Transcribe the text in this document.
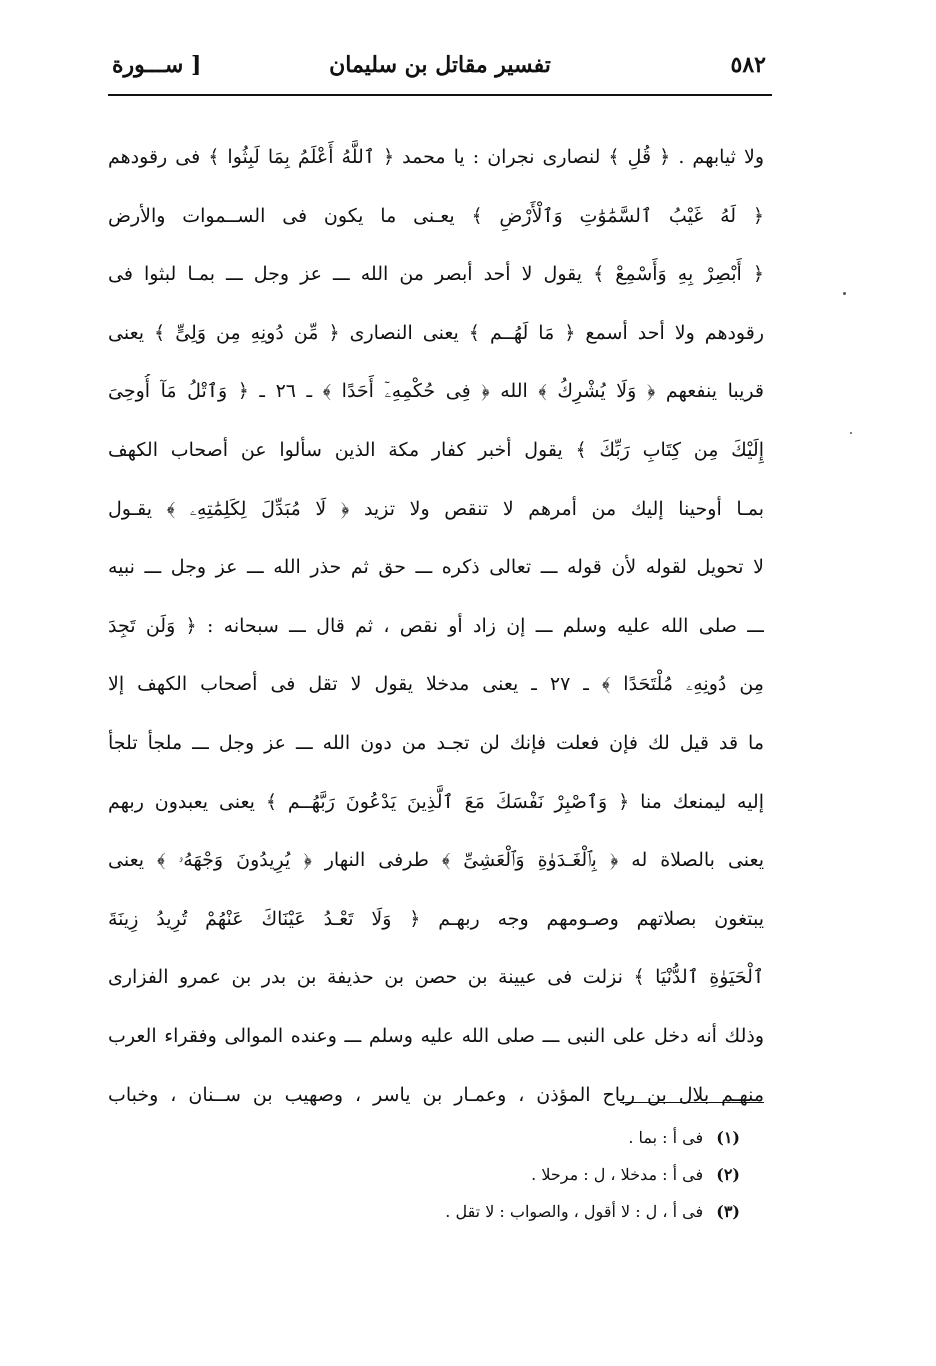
٥٨٢
تفسير مقاتل بن سليمان
[ ســـورة
ولا ثيابهم . ﴿ قُلِ ﴾ لنصارى نجران : يا محمد ﴿ ٱللَّهُ أَعْلَمُ بِمَا لَبِثُوا ﴾ فى رقودهم
﴿ لَهُ غَيْبُ ٱلسَّمَٰوَٰتِ وَٱلْأَرْضِ ﴾ يعـنى ما يكون فى الســموات والأرض
﴿ أَبْصِرْ بِهِ وَأَسْمِعْ ﴾ يقول لا أحد أبصر من الله ـــ عز وجل ـــ بمـا لبثوا فى
رقودهم ولا أحد أسمع ﴿ مَا لَهُــم ﴾ يعنى النصارى ﴿ مِّن دُونِهِ مِن وَلِىٍّ ﴾ يعنى
قريبا ينفعهم ﴿ وَلَا يُشْرِكُ ﴾ الله ﴿ فِى حُكْمِهِۦٓ أَحَدًا ﴾ ـ ٢٦ ـ ﴿ وَٱتْلُ مَآ أُوحِىَ
إِلَيْكَ مِن كِتَابِ رَبِّكَ ﴾ يقول أخبر كفار مكة الذين سألوا عن أصحاب الكهف
بمـا أوحينا إليك من أمرهم لا تنقص ولا تزيد ﴿ لَا مُبَدِّلَ لِكَلِمَٰتِهِۦ ﴾ يقـول
لا تحويل لقوله لأن قوله ـــ تعالى ذكره ـــ حق ثم حذر الله ـــ عز وجل ـــ نبيه
ـــ صلى الله عليه وسلم ـــ إن زاد أو نقص ، ثم قال ـــ سبحانه : ﴿ وَلَن تَجِدَ
مِن دُونِهِۦ مُلْتَحَدًا ﴾ ـ ٢٧ ـ يعنى مدخلا يقول لا تقل فى أصحاب الكهف إلا
ما قد قيل لك فإن فعلت فإنك لن تجـد من دون الله ـــ عز وجل ـــ ملجأ تلجأ
إليه ليمنعك منا ﴿ وَٱصْبِرْ نَفْسَكَ مَعَ ٱلَّذِينَ يَدْعُونَ رَبَّهُــم ﴾ يعنى يعبدون ربهم
يعنى بالصلاة له ﴿ بِٱلْغَـدَوٰةِ وَٱلْعَشِىِّ ﴾ طرفى النهار ﴿ يُرِيدُونَ وَجْهَهُۥ ﴾ يعنى
يبتغون بصلاتهم وصـومهم وجه ربهـم ﴿ وَلَا تَعْـدُ عَيْنَاكَ عَنْهُمْ تُرِيدُ زِينَةَ
ٱلْحَيَوٰةِ ٱلدُّنْيَا ﴾ نزلت فى عيينة بن حصن بن حذيفة بن بدر بن عمرو الفزارى
وذلك أنه دخل على النبى ـــ صلى الله عليه وسلم ـــ وعنده الموالى وفقراء العرب
منهـم بلال بن رباح المؤذن ، وعمـار بن ياسر ، وصهيب بن ســنان ، وخباب
(١) فى أ : بما .
(٢) فى أ : مدخلا ، ل : مرحلا .
(٣) فى أ ، ل : لا أقول ، والصواب : لا تقل .
